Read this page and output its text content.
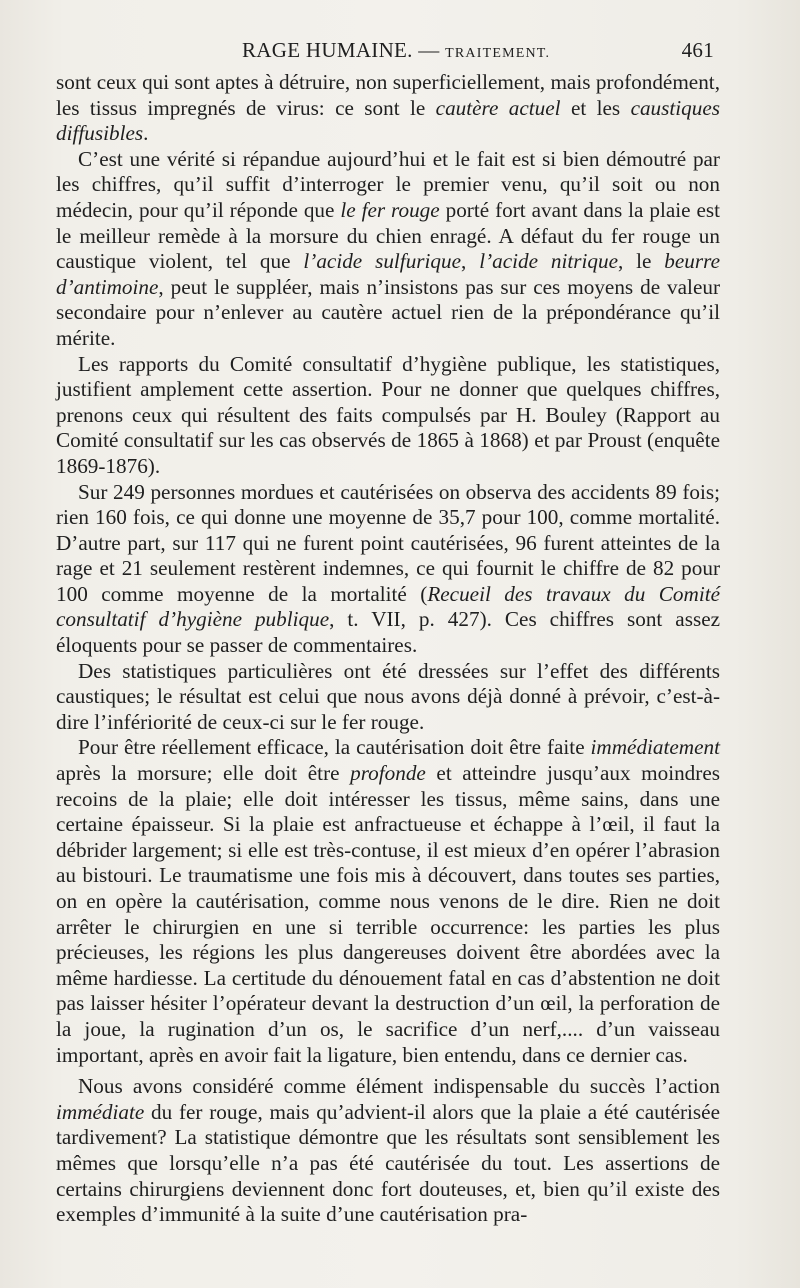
RAGE HUMAINE. — TRAITEMENT.	461

sont ceux qui sont aptes à détruire, non superficiellement, mais profondément, les tissus impregnés de virus: ce sont le cautère actuel et les caustiques diffusibles.

C’est une vérité si répandue aujourd’hui et le fait est si bien démoutré par les chiffres, qu’il suffit d’interroger le premier venu, qu’il soit ou non médecin, pour qu’il réponde que le fer rouge porté fort avant dans la plaie est le meilleur remède à la morsure du chien enragé. A défaut du fer rouge un caustique violent, tel que l’acide sulfurique, l’acide nitrique, le beurre d’antimoine, peut le suppléer, mais n’insistons pas sur ces moyens de valeur secondaire pour n’enlever au cautère actuel rien de la prépondérance qu’il mérite.

Les rapports du Comité consultatif d’hygiène publique, les statistiques, justifient amplement cette assertion. Pour ne donner que quelques chiffres, prenons ceux qui résultent des faits compulsés par H. Bouley (Rapport au Comité consultatif sur les cas observés de 1865 à 1868) et par Proust (enquête 1869-1876).

Sur 249 personnes mordues et cautérisées on observa des accidents 89 fois; rien 160 fois, ce qui donne une moyenne de 35,7 pour 100, comme mortalité. D’autre part, sur 117 qui ne furent point cautérisées, 96 furent atteintes de la rage et 21 seulement restèrent indemnes, ce qui fournit le chiffre de 82 pour 100 comme moyenne de la mortalité (Recueil des travaux du Comité consultatif d’hygiène publique, t. VII, p. 427). Ces chiffres sont assez éloquents pour se passer de commentaires.

Des statistiques particulières ont été dressées sur l’effet des différents caustiques; le résultat est celui que nous avons déjà donné à prévoir, c’est-à-dire l’infériorité de ceux-ci sur le fer rouge.

Pour être réellement efficace, la cautérisation doit être faite immédiatement après la morsure; elle doit être profonde et atteindre jusqu’aux moindres recoins de la plaie; elle doit intéresser les tissus, même sains, dans une certaine épaisseur. Si la plaie est anfractueuse et échappe à l’œil, il faut la débrider largement; si elle est très-contuse, il est mieux d’en opérer l’abrasion au bistouri. Le traumatisme une fois mis à découvert, dans toutes ses parties, on en opère la cautérisation, comme nous venons de le dire. Rien ne doit arrêter le chirurgien en une si terrible occurrence: les parties les plus précieuses, les régions les plus dangereuses doivent être abordées avec la même hardiesse. La certitude du dénouement fatal en cas d’abstention ne doit pas laisser hésiter l’opérateur devant la destruction d’un œil, la perforation de la joue, la rugination d’un os, le sacrifice d’un nerf,.... d’un vaisseau important, après en avoir fait la ligature, bien entendu, dans ce dernier cas.

Nous avons considéré comme élément indispensable du succès l’action immédiate du fer rouge, mais qu’advient-il alors que la plaie a été cautérisée tardivement? La statistique démontre que les résultats sont sensiblement les mêmes que lorsqu’elle n’a pas été cautérisée du tout. Les assertions de certains chirurgiens deviennent donc fort douteuses, et, bien qu’il existe des exemples d’immunité à la suite d’une cautérisation pra-
